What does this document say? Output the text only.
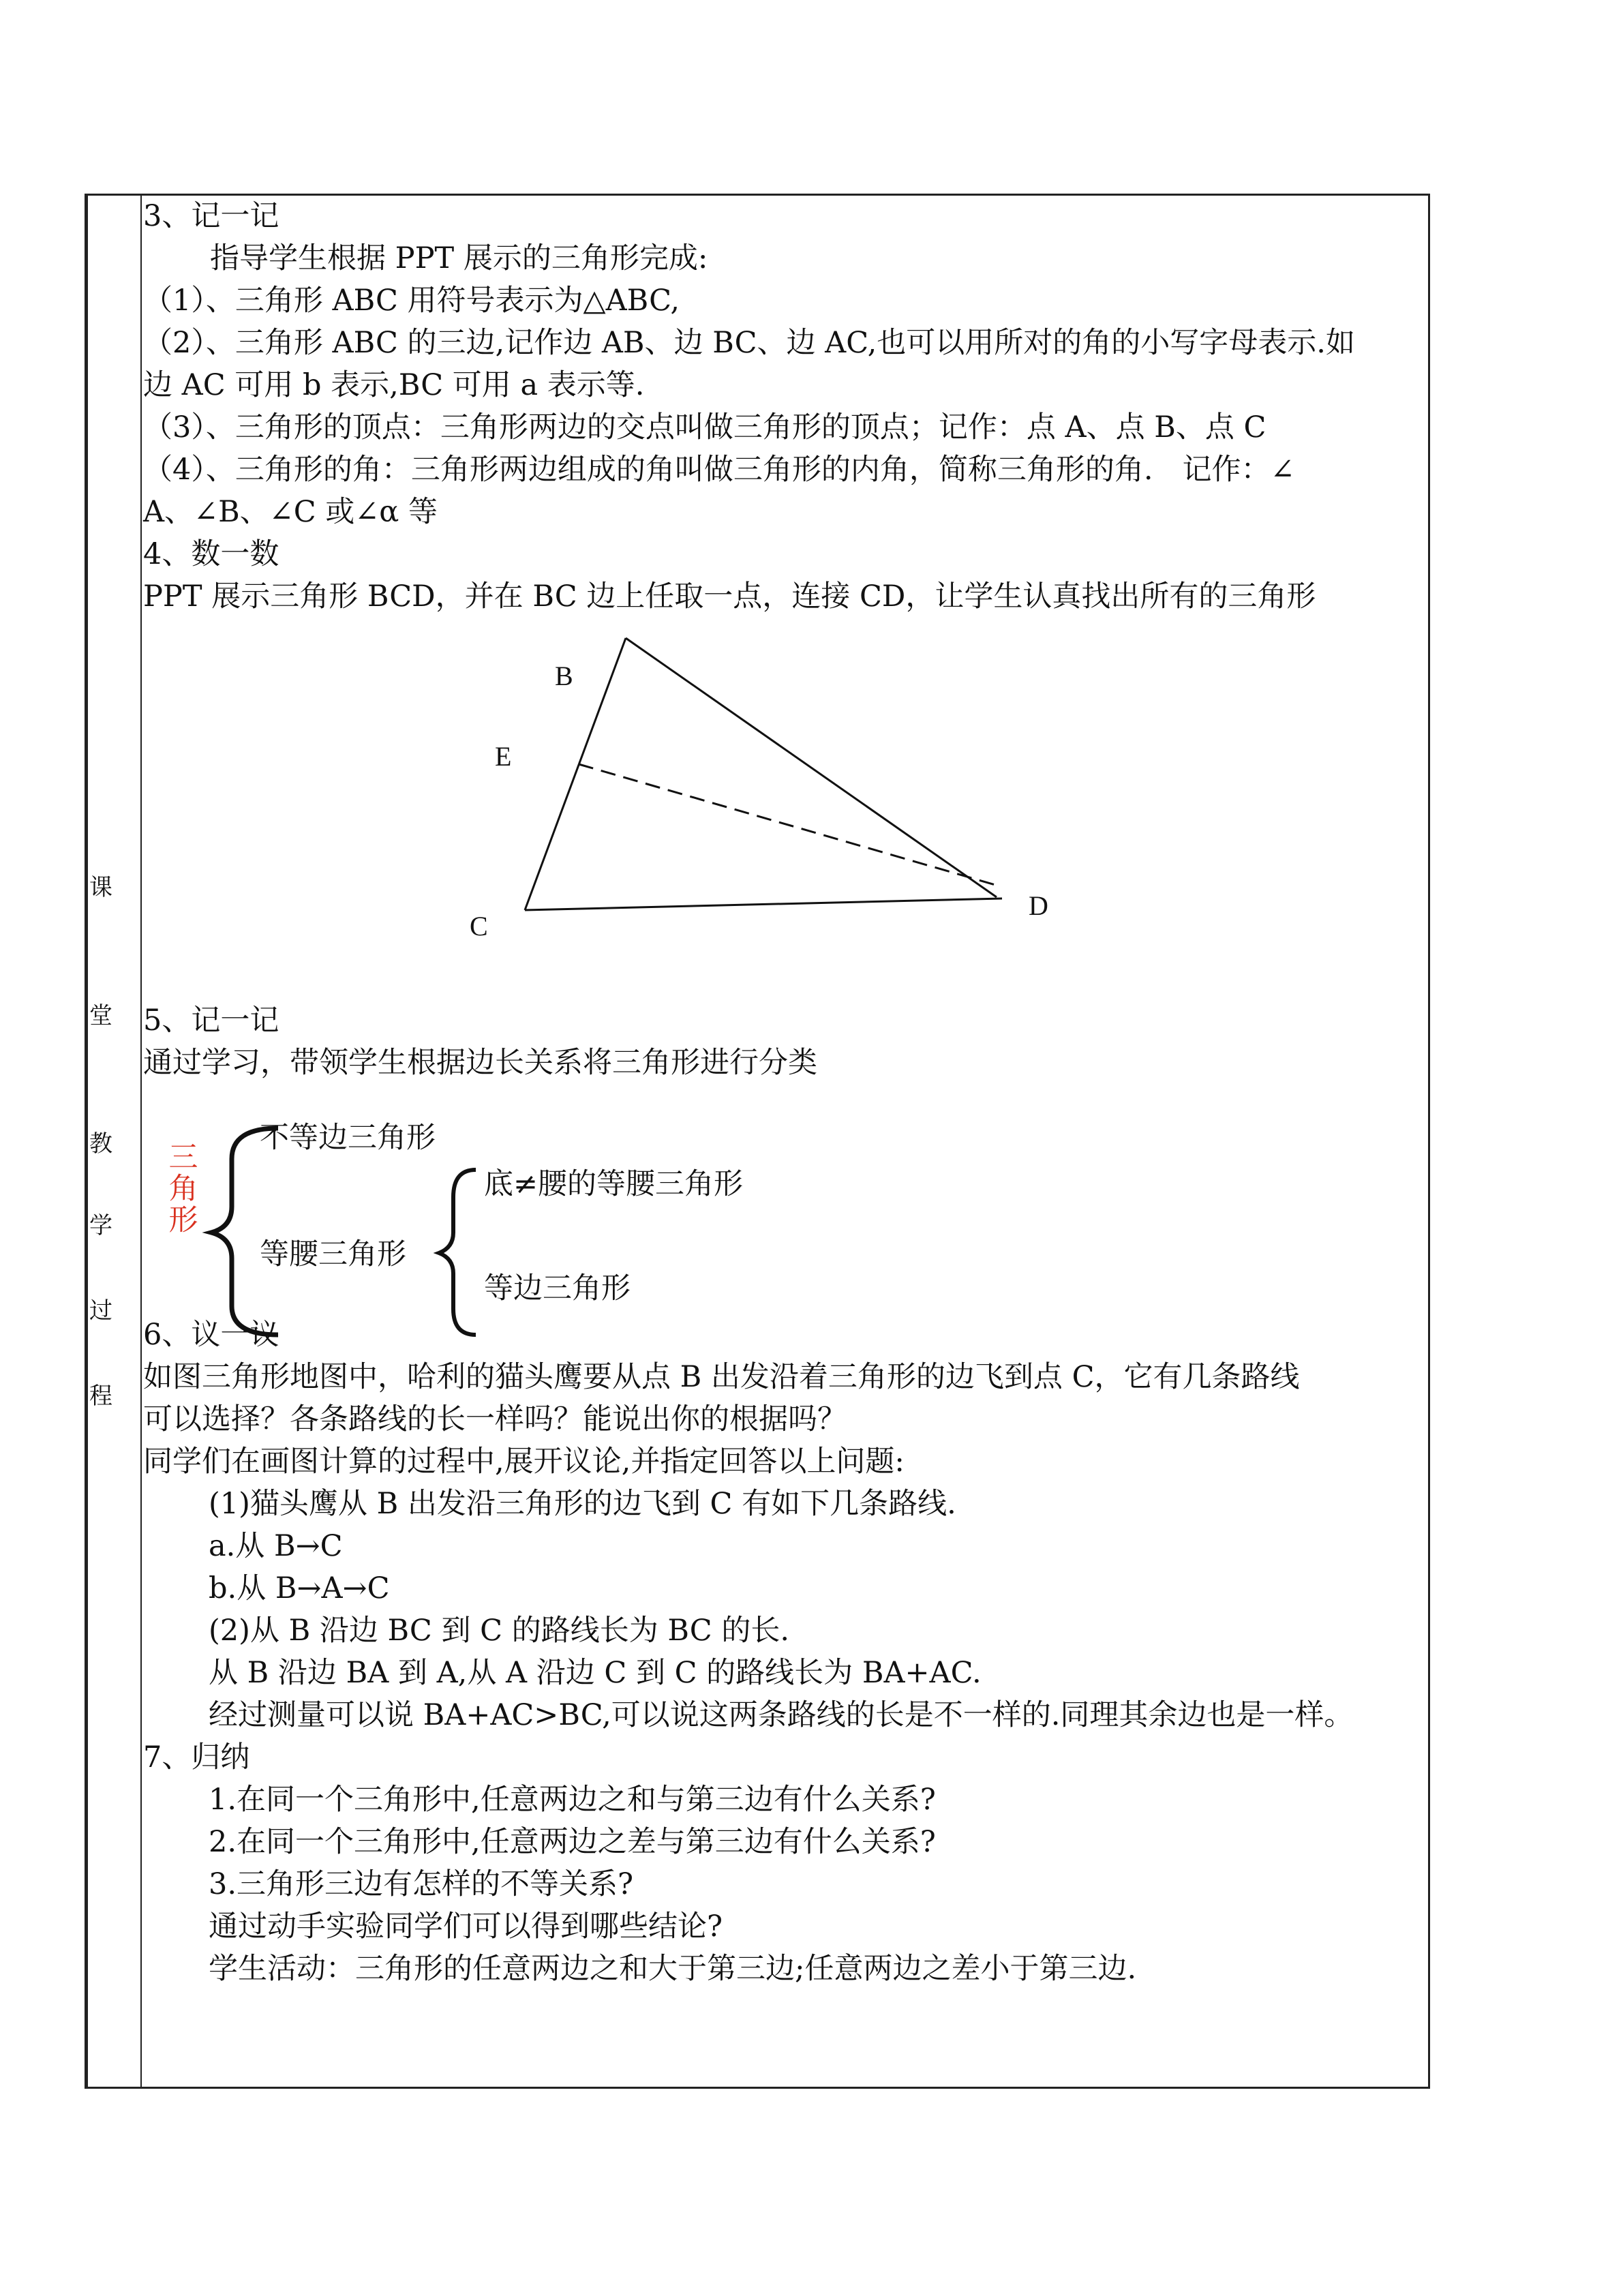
课
堂
教
学
过
程
3、记一记
指导学生根据 PPT 展示的三角形完成:
（1）、三角形 ABC 用符号表示为△ABC,
（2）、三角形 ABC 的三边,记作边 AB、边 BC、边 AC,也可以用所对的角的小写字母表示.如
边 AC 可用 b 表示,BC 可用 a 表示等.
（3）、三角形的顶点：三角形两边的交点叫做三角形的顶点；记作：点 A、点 B、点 C
（4）、三角形的角：三角形两边组成的角叫做三角形的内角，简称三角形的角.　记作：∠
A、∠B、∠C 或∠α 等
4、数一数
PPT 展示三角形 BCD，并在 BC 边上任取一点，连接 CD，让学生认真找出所有的三角形
5、记一记
通过学习，带领学生根据边长关系将三角形进行分类
6、议一议
如图三角形地图中，哈利的猫头鹰要从点 B 出发沿着三角形的边飞到点 C，它有几条路线
可以选择？各条路线的长一样吗？能说出你的根据吗？
同学们在画图计算的过程中,展开议论,并指定回答以上问题:
(1)猫头鹰从 B 出发沿三角形的边飞到 C 有如下几条路线.
a.从 B→C
b.从 B→A→C
(2)从 B 沿边 BC 到 C 的路线长为 BC 的长.
从 B 沿边 BA 到 A,从 A 沿边 C 到 C 的路线长为 BA+AC.
经过测量可以说 BA+AC>BC,可以说这两条路线的长是不一样的.同理其余边也是一样。
7、归纳
1.在同一个三角形中,任意两边之和与第三边有什么关系?
2.在同一个三角形中,任意两边之差与第三边有什么关系?
3.三角形三边有怎样的不等关系?
通过动手实验同学们可以得到哪些结论?
学生活动：三角形的任意两边之和大于第三边;任意两边之差小于第三边.
B
E
C
D
三角形
不等边三角形
等腰三角形
底≠腰的等腰三角形
等边三角形
